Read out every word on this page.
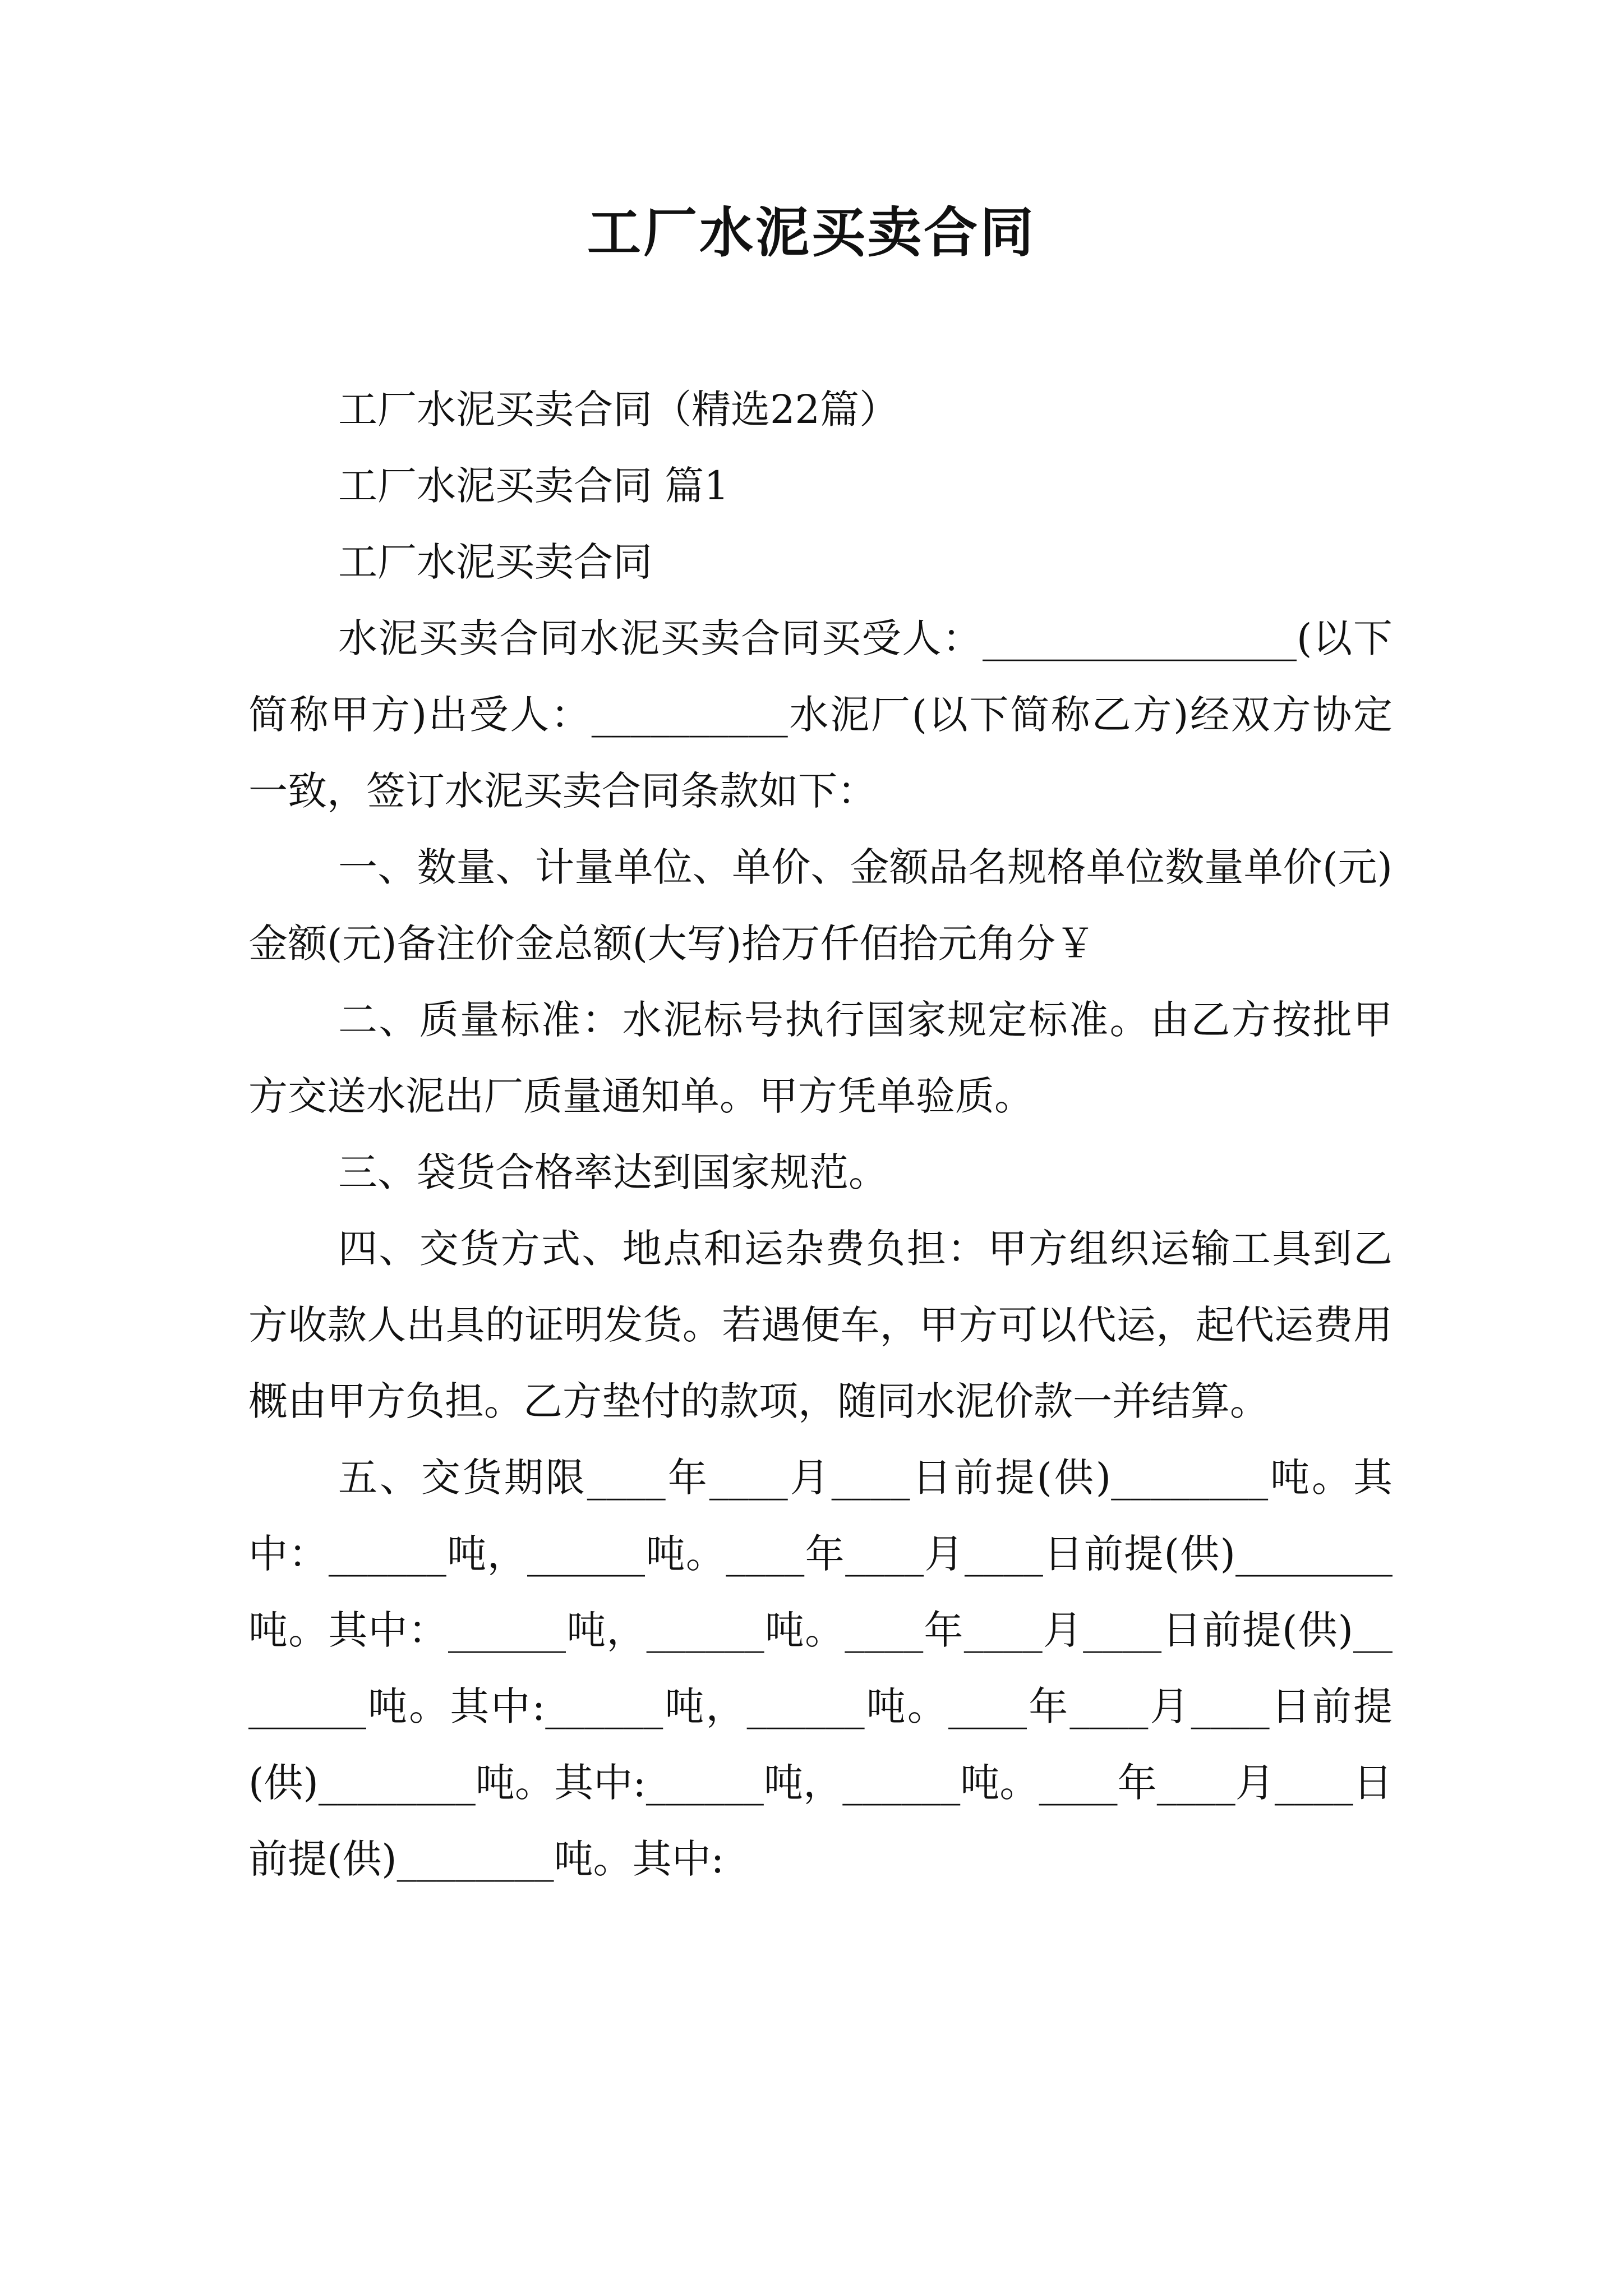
工厂水泥买卖合同

工厂水泥买卖合同（精选22篇）

工厂水泥买卖合同 篇1

工厂水泥买卖合同

水泥买卖合同水泥买卖合同买受人：________________(以下简称甲方)出受人：__________水泥厂(以下简称乙方)经双方协定一致，签订水泥买卖合同条款如下：

一、数量、计量单位、单价、金额品名规格单位数量单价(元)金额(元)备注价金总额(大写)拾万仟佰拾元角分￥

二、质量标准：水泥标号执行国家规定标准。由乙方按批甲方交送水泥出厂质量通知单。甲方凭单验质。

三、袋货合格率达到国家规范。

四、交货方式、地点和运杂费负担：甲方组织运输工具到乙方收款人出具的证明发货。若遇便车，甲方可以代运，起代运费用概由甲方负担。乙方垫付的款项，随同水泥价款一并结算。

五、交货期限____年____月____日前提(供)________吨。其中：______吨，______吨。____年____月____日前提(供)________吨。其中：______吨，______吨。____年____月____日前提(供)________吨。其中:______吨，______吨。____年____月____日前提(供)________吨。其中:______吨，______吨。____年____月____日前提(供)________吨。其中:
